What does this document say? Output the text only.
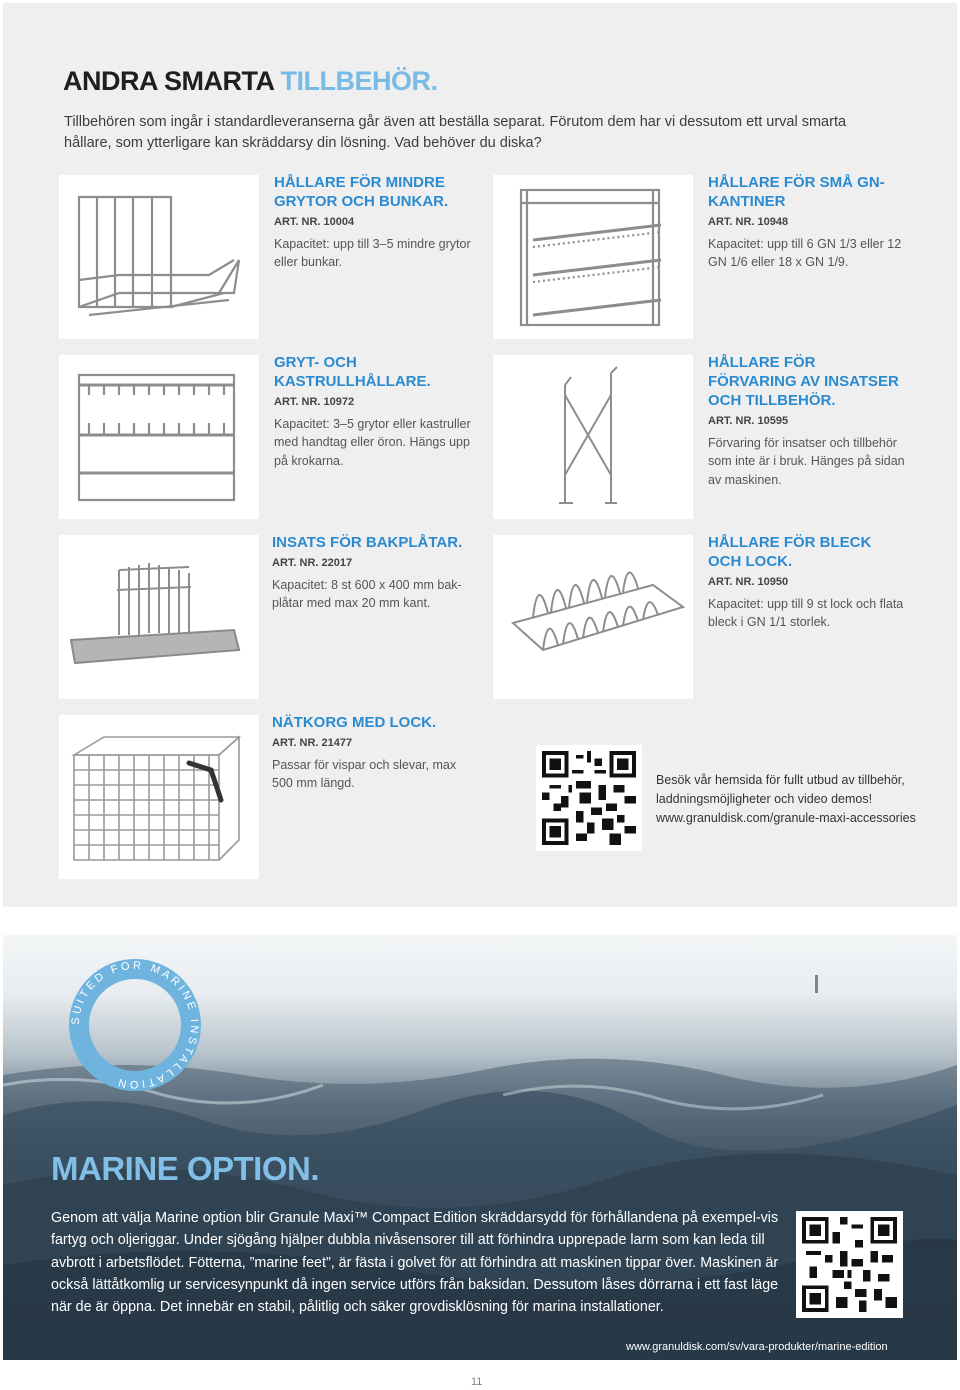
ANDRA SMARTA TILLBEHÖR.

Tillbehören som ingår i standardleveranserna går även att beställa separat. Förutom dem har vi dessutom ett urval smarta hållare, som ytterligare kan skräddarsy din lösning. Vad behöver du diska?

HÅLLARE FÖR MINDRE GRYTOR OCH BUNKAR.
ART. NR. 10004
Kapacitet: upp till 3–5 mindre grytor eller bunkar.
HÅLLARE FÖR SMÅ GN-KANTINER
ART. NR. 10948
Kapacitet: upp till 6 GN 1/3 eller 12 GN 1/6 eller 18 x GN 1/9.
GRYT- OCH KASTRULLHÅLLARE.
ART. NR. 10972
Kapacitet: 3–5 grytor eller kastruller med handtag eller öron. Hängs upp på krokarna.
HÅLLARE FÖR FÖRVARING AV INSATSER OCH TILLBEHÖR.
ART. NR. 10595
Förvaring för insatser och tillbehör som inte är i bruk. Hänges på sidan av maskinen.
INSATS FÖR BAKPLÅTAR.
ART. NR. 22017
Kapacitet: 8 st 600 x 400 mm bak-plåtar med max 20 mm kant.
HÅLLARE FÖR BLECK OCH LOCK.
ART. NR. 10950
Kapacitet: upp till 9 st lock och flata bleck i GN 1/1 storlek.
NÄTKORG MED LOCK.
ART. NR. 21477
Passar för vispar och slevar, max 500 mm längd.	Besök vår hemsida för fullt utbud av tillbehör, laddningsmöjligheter och video demos!
www.granuldisk.com/granule-maxi-accessories
SUITED FOR MARINE INSTALLATION
MARINE OPTION.

Genom att välja Marine option blir Granule Maxi™ Compact Edition skräddarsydd för förhållandena på exempel-vis fartyg och oljeriggar. Under sjögång hjälper dubbla nivåsensorer till att förhindra upprepade larm som kan leda till avbrott i arbetsflödet. Fötterna, ”marine feet”, är fästa i golvet för att förhindra att maskinen tippar över. Maskinen är också lättåtkomlig ur servicesynpunkt då ingen service utförs från baksidan. Dessutom låses dörrarna i ett fast läge när de är öppna. Det innebär en stabil, pålitlig och säker grovdisklösning för marina installationer.

www.granuldisk.com/sv/vara-produkter/marine-edition
11
